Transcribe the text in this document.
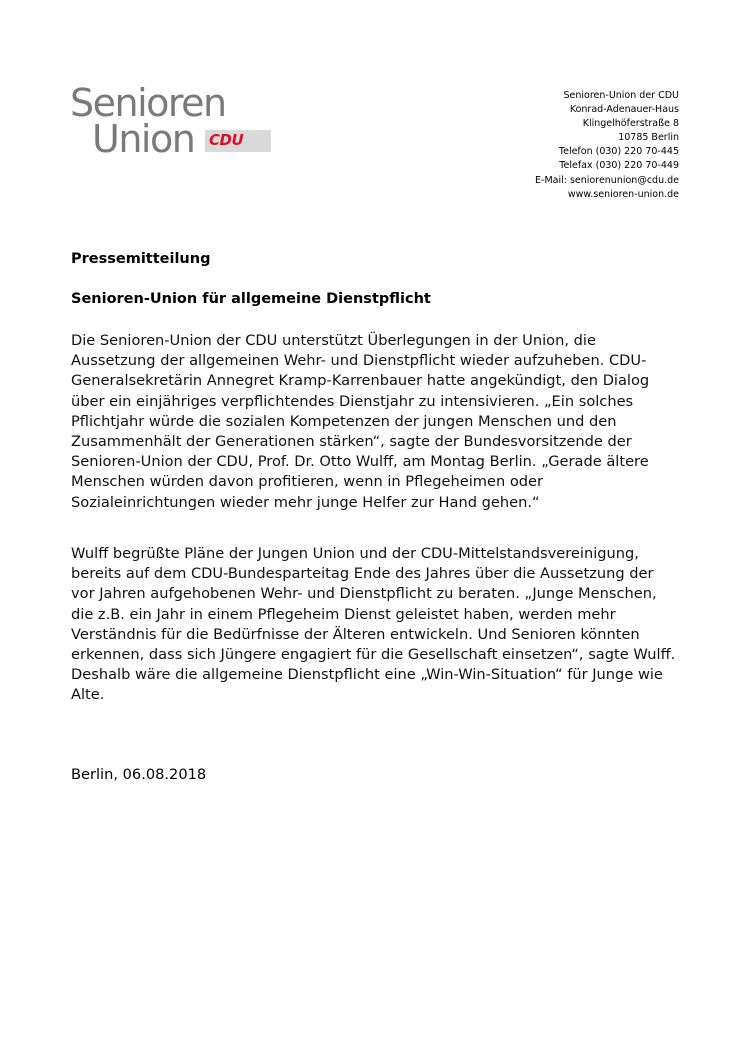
Senioren
Union CDU
Senioren-Union der CDU
Konrad-Adenauer-Haus
Klingelhöferstraße 8
10785 Berlin
Telefon (030) 220 70-445
Telefax (030) 220 70-449
E-Mail: seniorenunion@cdu.de
www.senioren-union.de
Pressemitteilung
Senioren-Union für allgemeine Dienstpflicht
Die Senioren-Union der CDU unterstützt Überlegungen in der Union, die
Aussetzung der allgemeinen Wehr- und Dienstpflicht wieder aufzuheben. CDU-
Generalsekretärin Annegret Kramp-Karrenbauer hatte angekündigt, den Dialog
über ein einjähriges verpflichtendes Dienstjahr zu intensivieren. „Ein solches
Pflichtjahr würde die sozialen Kompetenzen der jungen Menschen und den
Zusammenhält der Generationen stärken“, sagte der Bundesvorsitzende der
Senioren-Union der CDU, Prof. Dr. Otto Wulff, am Montag Berlin. „Gerade ältere
Menschen würden davon profitieren, wenn in Pflegeheimen oder
Sozialeinrichtungen wieder mehr junge Helfer zur Hand gehen.“
Wulff begrüßte Pläne der Jungen Union und der CDU-Mittelstandsvereinigung,
bereits auf dem CDU-Bundesparteitag Ende des Jahres über die Aussetzung der
vor Jahren aufgehobenen Wehr- und Dienstpflicht zu beraten. „Junge Menschen,
die z.B. ein Jahr in einem Pflegeheim Dienst geleistet haben, werden mehr
Verständnis für die Bedürfnisse der Älteren entwickeln. Und Senioren könnten
erkennen, dass sich Jüngere engagiert für die Gesellschaft einsetzen“, sagte Wulff.
Deshalb wäre die allgemeine Dienstpflicht eine „Win-Win-Situation“ für Junge wie
Alte.
Berlin, 06.08.2018
